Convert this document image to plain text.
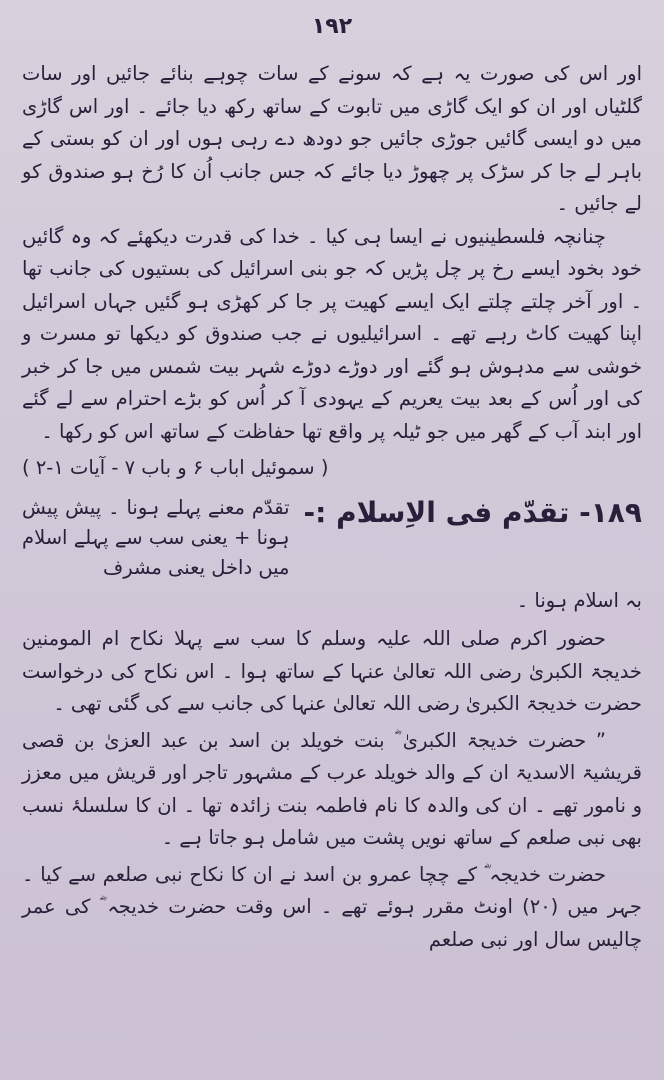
۱۹۲

اور اس کی صورت یہ ہے کہ سونے کے سات چوہے بنائے جائیں اور سات گلٹیاں اور ان کو ایک گاڑی میں تابوت کے ساتھ رکھ دیا جائے ۔ اور اس گاڑی میں دو ایسی گائیں جوڑی جائیں جو دودھ دے رہی ہوں اور ان کو بستی کے باہر لے جا کر سڑک پر چھوڑ دیا جائے کہ جس جانب اُن کا رُخ ہو صندوق کو لے جائیں ۔

چنانچہ فلسطینیوں نے ایسا ہی کیا ۔ خدا کی قدرت دیکھئے کہ وہ گائیں خود بخود ایسے رخ پر چل پڑیں کہ جو بنی اسرائیل کی بستیوں کی جانب تھا ۔ اور آخر چلتے چلتے ایک ایسے کھیت پر جا کر کھڑی ہو گئیں جہاں اسرائیل اپنا کھیت کاٹ رہے تھے ۔ اسرائیلیوں نے جب صندوق کو دیکھا تو مسرت و خوشی سے مدہوش ہو گئے اور دوڑے دوڑے شہر بیت شمس میں جا کر خبر کی اور اُس کے بعد بیت یعریم کے یہودی آ کر اُس کو بڑے احترام سے لے گئے اور ابند آب کے گھر میں جو ٹیلہ پر واقع تھا حفاظت کے ساتھ اس کو رکھا ۔

( سموئیل اباب ۶ و باب ۷ - آیات ۱-۲ )
۱۸۹- تقدّم فی الاِسلام :-
تقدّم معنے پہلے ہونا ۔ پیش پیش ہونا + یعنی سب سے پہلے اسلام میں داخل یعنی مشرف
بہ اسلام ہونا ۔

حضور اکرم صلی اللہ علیہ وسلم کا سب سے پہلا نکاح ام المومنین خدیجۃ الکبریٰ رضی اللہ تعالیٰ عنہا کے ساتھ ہوا ۔ اس نکاح کی درخواست حضرت خدیجۃ الکبریٰ رضی اللہ تعالیٰ عنہا کی جانب سے کی گئی تھی ۔

” حضرت خدیجۃ الکبریٰ ؓ بنت خویلد بن اسد بن عبد العزیٰ بن قصی قریشیۃ الاسدیۃ ان کے والد خویلد عرب کے مشہور تاجر اور قریش میں معزز و نامور تھے ۔ ان کی والدہ کا نام فاطمہ بنت زائدہ تھا ۔ ان کا سلسلۂ نسب بھی نبی صلعم کے ساتھ نویں پشت میں شامل ہو جاتا ہے ۔

حضرت خدیجہ ؓ کے چچا عمرو بن اسد نے ان کا نکاح نبی صلعم سے کیا ۔ جہر میں (۲۰) اونٹ مقرر ہوئے تھے ۔ اس وقت حضرت خدیجہ ؓ کی عمر چالیس سال اور نبی صلعم
